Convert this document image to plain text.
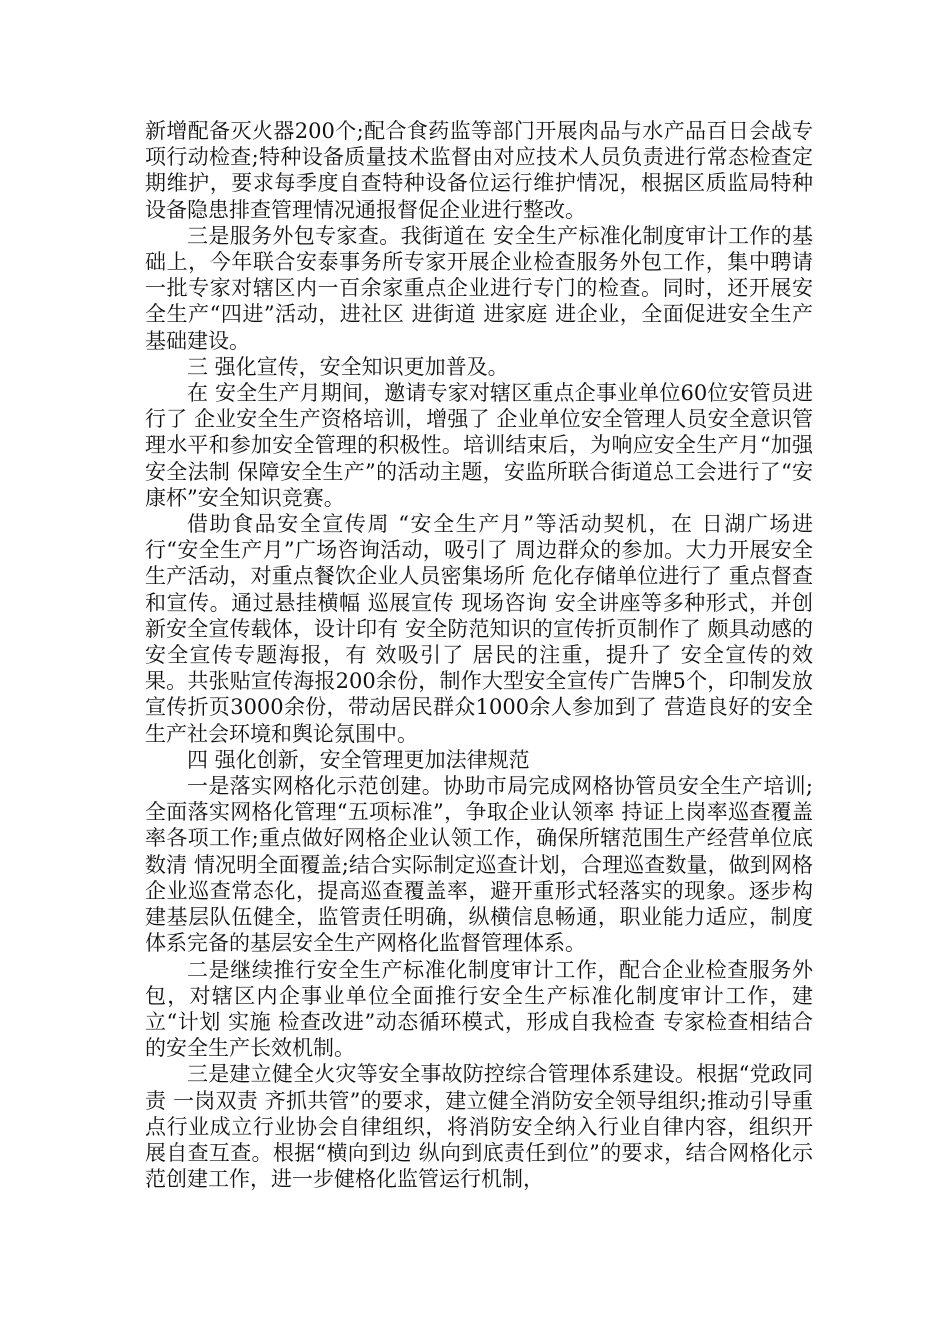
新增配备灭火器200个;配合食药监等部门开展肉品与水产品百日会战专项行动检查;特种设备质量技术监督由对应技术人员负责进行常态检查定期维护，要求每季度自查特种设备位运行维护情况，根据区质监局特种设备隐患排查管理情况通报督促企业进行整改。

三是服务外包专家查。我街道在 安全生产标准化制度审计工作的基础上，今年联合安泰事务所专家开展企业检查服务外包工作，集中聘请一批专家对辖区内一百余家重点企业进行专门的检查。同时，还开展安全生产“四进”活动，进社区 进街道 进家庭 进企业，全面促进安全生产基础建设。

三 强化宣传，安全知识更加普及。

在 安全生产月期间，邀请专家对辖区重点企事业单位60位安管员进行了 企业安全生产资格培训，增强了 企业单位安全管理人员安全意识管理水平和参加安全管理的积极性。培训结束后，为响应安全生产月“加强安全法制 保障安全生产”的活动主题，安监所联合街道总工会进行了“安康杯”安全知识竞赛。

借助食品安全宣传周 “安全生产月”等活动契机，在 日湖广场进行“安全生产月”广场咨询活动，吸引了 周边群众的参加。大力开展安全生产活动，对重点餐饮企业人员密集场所 危化存储单位进行了 重点督查和宣传。通过悬挂横幅 巡展宣传 现场咨询 安全讲座等多种形式，并创新安全宣传载体，设计印有 安全防范知识的宣传折页制作了 颇具动感的安全宣传专题海报，有 效吸引了 居民的注重，提升了 安全宣传的效果。共张贴宣传海报200余份，制作大型安全宣传广告牌5个，印制发放宣传折页3000余份，带动居民群众1000余人参加到了 营造良好的安全生产社会环境和舆论氛围中。

四 强化创新，安全管理更加法律规范

一是落实网格化示范创建。协助市局完成网格协管员安全生产培训;全面落实网格化管理“五项标准”，争取企业认领率 持证上岗率巡查覆盖率各项工作;重点做好网格企业认领工作，确保所辖范围生产经营单位底数清 情况明全面覆盖;结合实际制定巡查计划，合理巡查数量，做到网格企业巡查常态化，提高巡查覆盖率，避开重形式轻落实的现象。逐步构建基层队伍健全，监管责任明确，纵横信息畅通，职业能力适应，制度体系完备的基层安全生产网格化监督管理体系。

二是继续推行安全生产标准化制度审计工作，配合企业检查服务外包，对辖区内企事业单位全面推行安全生产标准化制度审计工作，建立“计划 实施 检查改进”动态循环模式，形成自我检查 专家检查相结合的安全生产长效机制。

三是建立健全火灾等安全事故防控综合管理体系建设。根据“党政同责 一岗双责 齐抓共管”的要求，建立健全消防安全领导组织;推动引导重点行业成立行业协会自律组织，将消防安全纳入行业自律内容，组织开展自查互查。根据“横向到边 纵向到底责任到位”的要求，结合网格化示范创建工作，进一步健格化监管运行机制，
